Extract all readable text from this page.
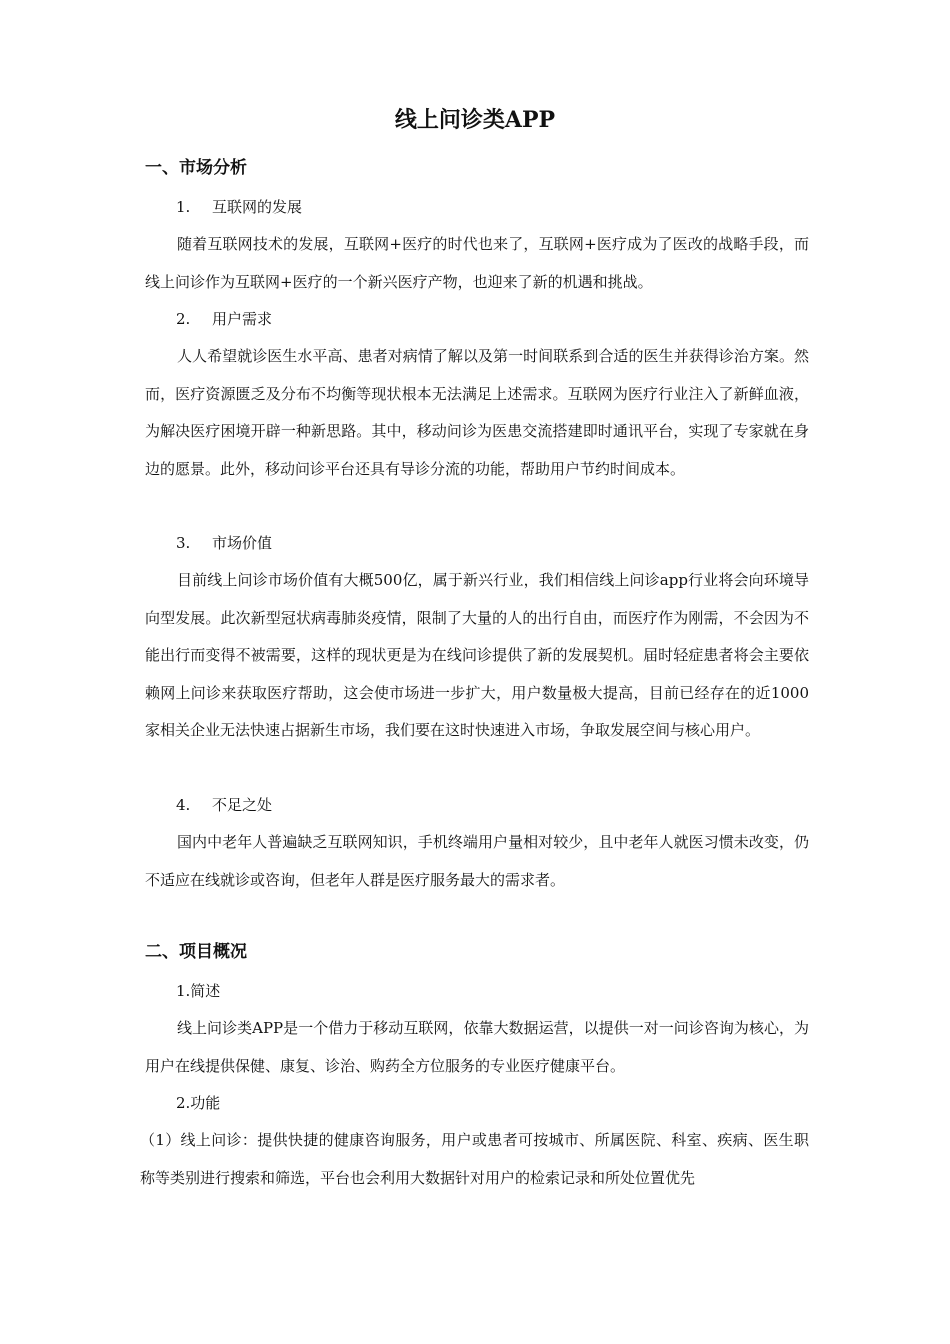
线上问诊类APP
一、市场分析
1. 互联网的发展
随着互联网技术的发展，互联网+医疗的时代也来了，互联网+医疗成为了医改的战略手段，而线上问诊作为互联网+医疗的一个新兴医疗产物，也迎来了新的机遇和挑战。
2. 用户需求
人人希望就诊医生水平高、患者对病情了解以及第一时间联系到合适的医生并获得诊治方案。然而，医疗资源匮乏及分布不均衡等现状根本无法满足上述需求。互联网为医疗行业注入了新鲜血液，为解决医疗困境开辟一种新思路。其中，移动问诊为医患交流搭建即时通讯平台，实现了专家就在身边的愿景。此外，移动问诊平台还具有导诊分流的功能，帮助用户节约时间成本。
3. 市场价值
目前线上问诊市场价值有大概500亿，属于新兴行业，我们相信线上问诊app行业将会向环境导向型发展。此次新型冠状病毒肺炎疫情，限制了大量的人的出行自由，而医疗作为刚需，不会因为不能出行而变得不被需要，这样的现状更是为在线问诊提供了新的发展契机。届时轻症患者将会主要依赖网上问诊来获取医疗帮助，这会使市场进一步扩大，用户数量极大提高，目前已经存在的近1000家相关企业无法快速占据新生市场，我们要在这时快速进入市场，争取发展空间与核心用户。
4. 不足之处
国内中老年人普遍缺乏互联网知识，手机终端用户量相对较少，且中老年人就医习惯未改变，仍不适应在线就诊或咨询，但老年人群是医疗服务最大的需求者。
二、项目概况
1.简述
线上问诊类APP是一个借力于移动互联网，依靠大数据运营，以提供一对一问诊咨询为核心，为用户在线提供保健、康复、诊治、购药全方位服务的专业医疗健康平台。
2.功能
（1）线上问诊：提供快捷的健康咨询服务，用户或患者可按城市、所属医院、科室、疾病、医生职称等类别进行搜索和筛选，平台也会利用大数据针对用户的检索记录和所处位置优先
